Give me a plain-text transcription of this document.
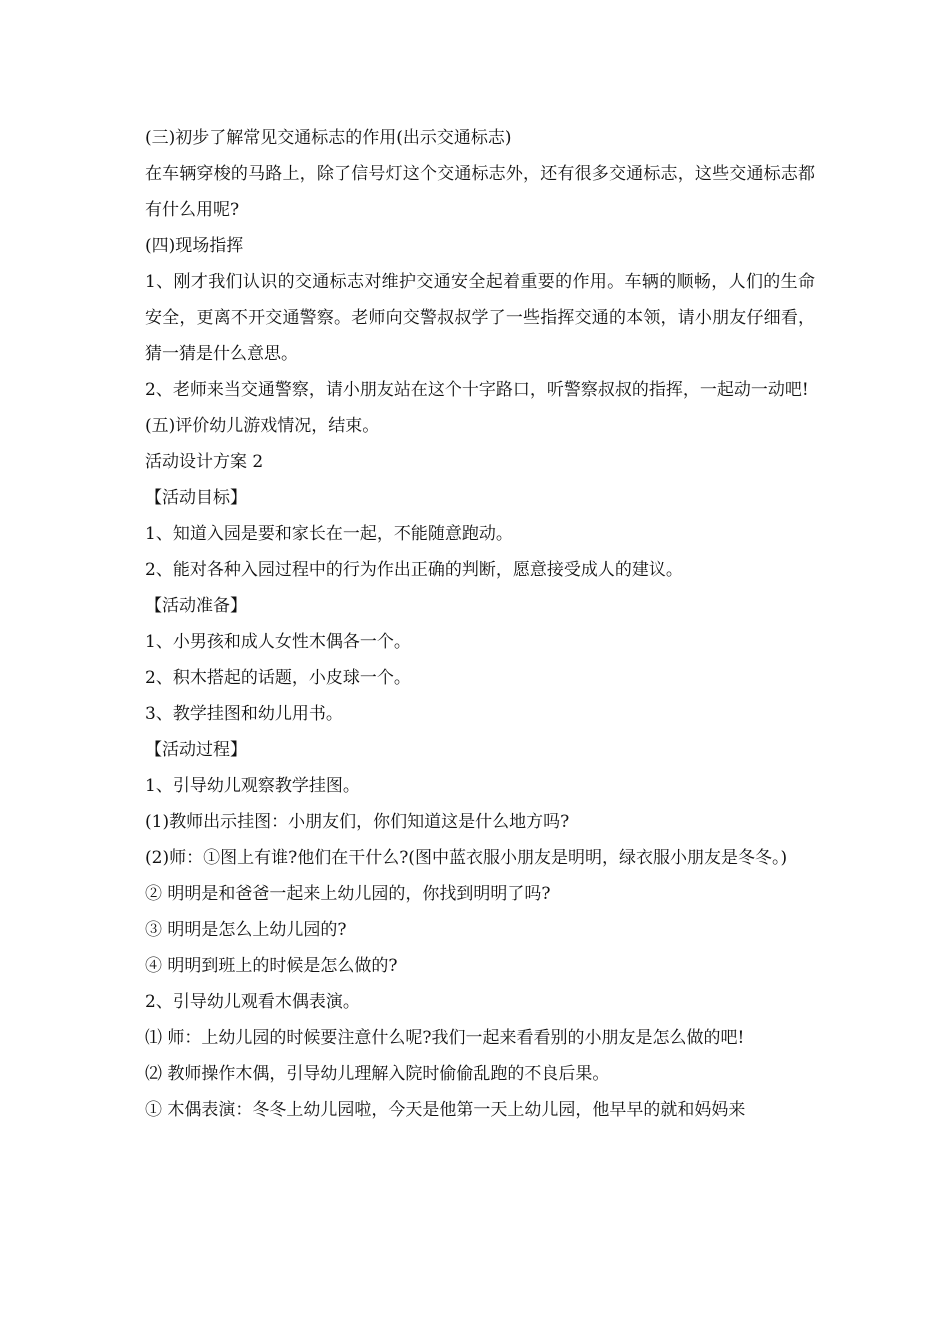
(三)初步了解常见交通标志的作用(出示交通标志)

在车辆穿梭的马路上，除了信号灯这个交通标志外，还有很多交通标志，这些交通标志都有什么用呢?

(四)现场指挥

1、刚才我们认识的交通标志对维护交通安全起着重要的作用。车辆的顺畅，人们的生命安全，更离不开交通警察。老师向交警叔叔学了一些指挥交通的本领，请小朋友仔细看，猜一猜是什么意思。

2、老师来当交通警察，请小朋友站在这个十字路口，听警察叔叔的指挥，一起动一动吧!

(五)评价幼儿游戏情况，结束。

活动设计方案 2

【活动目标】

1、知道入园是要和家长在一起，不能随意跑动。

2、能对各种入园过程中的行为作出正确的判断，愿意接受成人的建议。

【活动准备】

1、小男孩和成人女性木偶各一个。

2、积木搭起的话题，小皮球一个。

3、教学挂图和幼儿用书。

【活动过程】

1、引导幼儿观察教学挂图。

(1)教师出示挂图：小朋友们，你们知道这是什么地方吗?

(2)师：①图上有谁?他们在干什么?(图中蓝衣服小朋友是明明，绿衣服小朋友是冬冬。)

② 明明是和爸爸一起来上幼儿园的，你找到明明了吗?

③ 明明是怎么上幼儿园的?

④ 明明到班上的时候是怎么做的?

2、引导幼儿观看木偶表演。

⑴ 师：上幼儿园的时候要注意什么呢?我们一起来看看别的小朋友是怎么做的吧!

⑵ 教师操作木偶，引导幼儿理解入院时偷偷乱跑的不良后果。

① 木偶表演：冬冬上幼儿园啦，今天是他第一天上幼儿园，他早早的就和妈妈来
